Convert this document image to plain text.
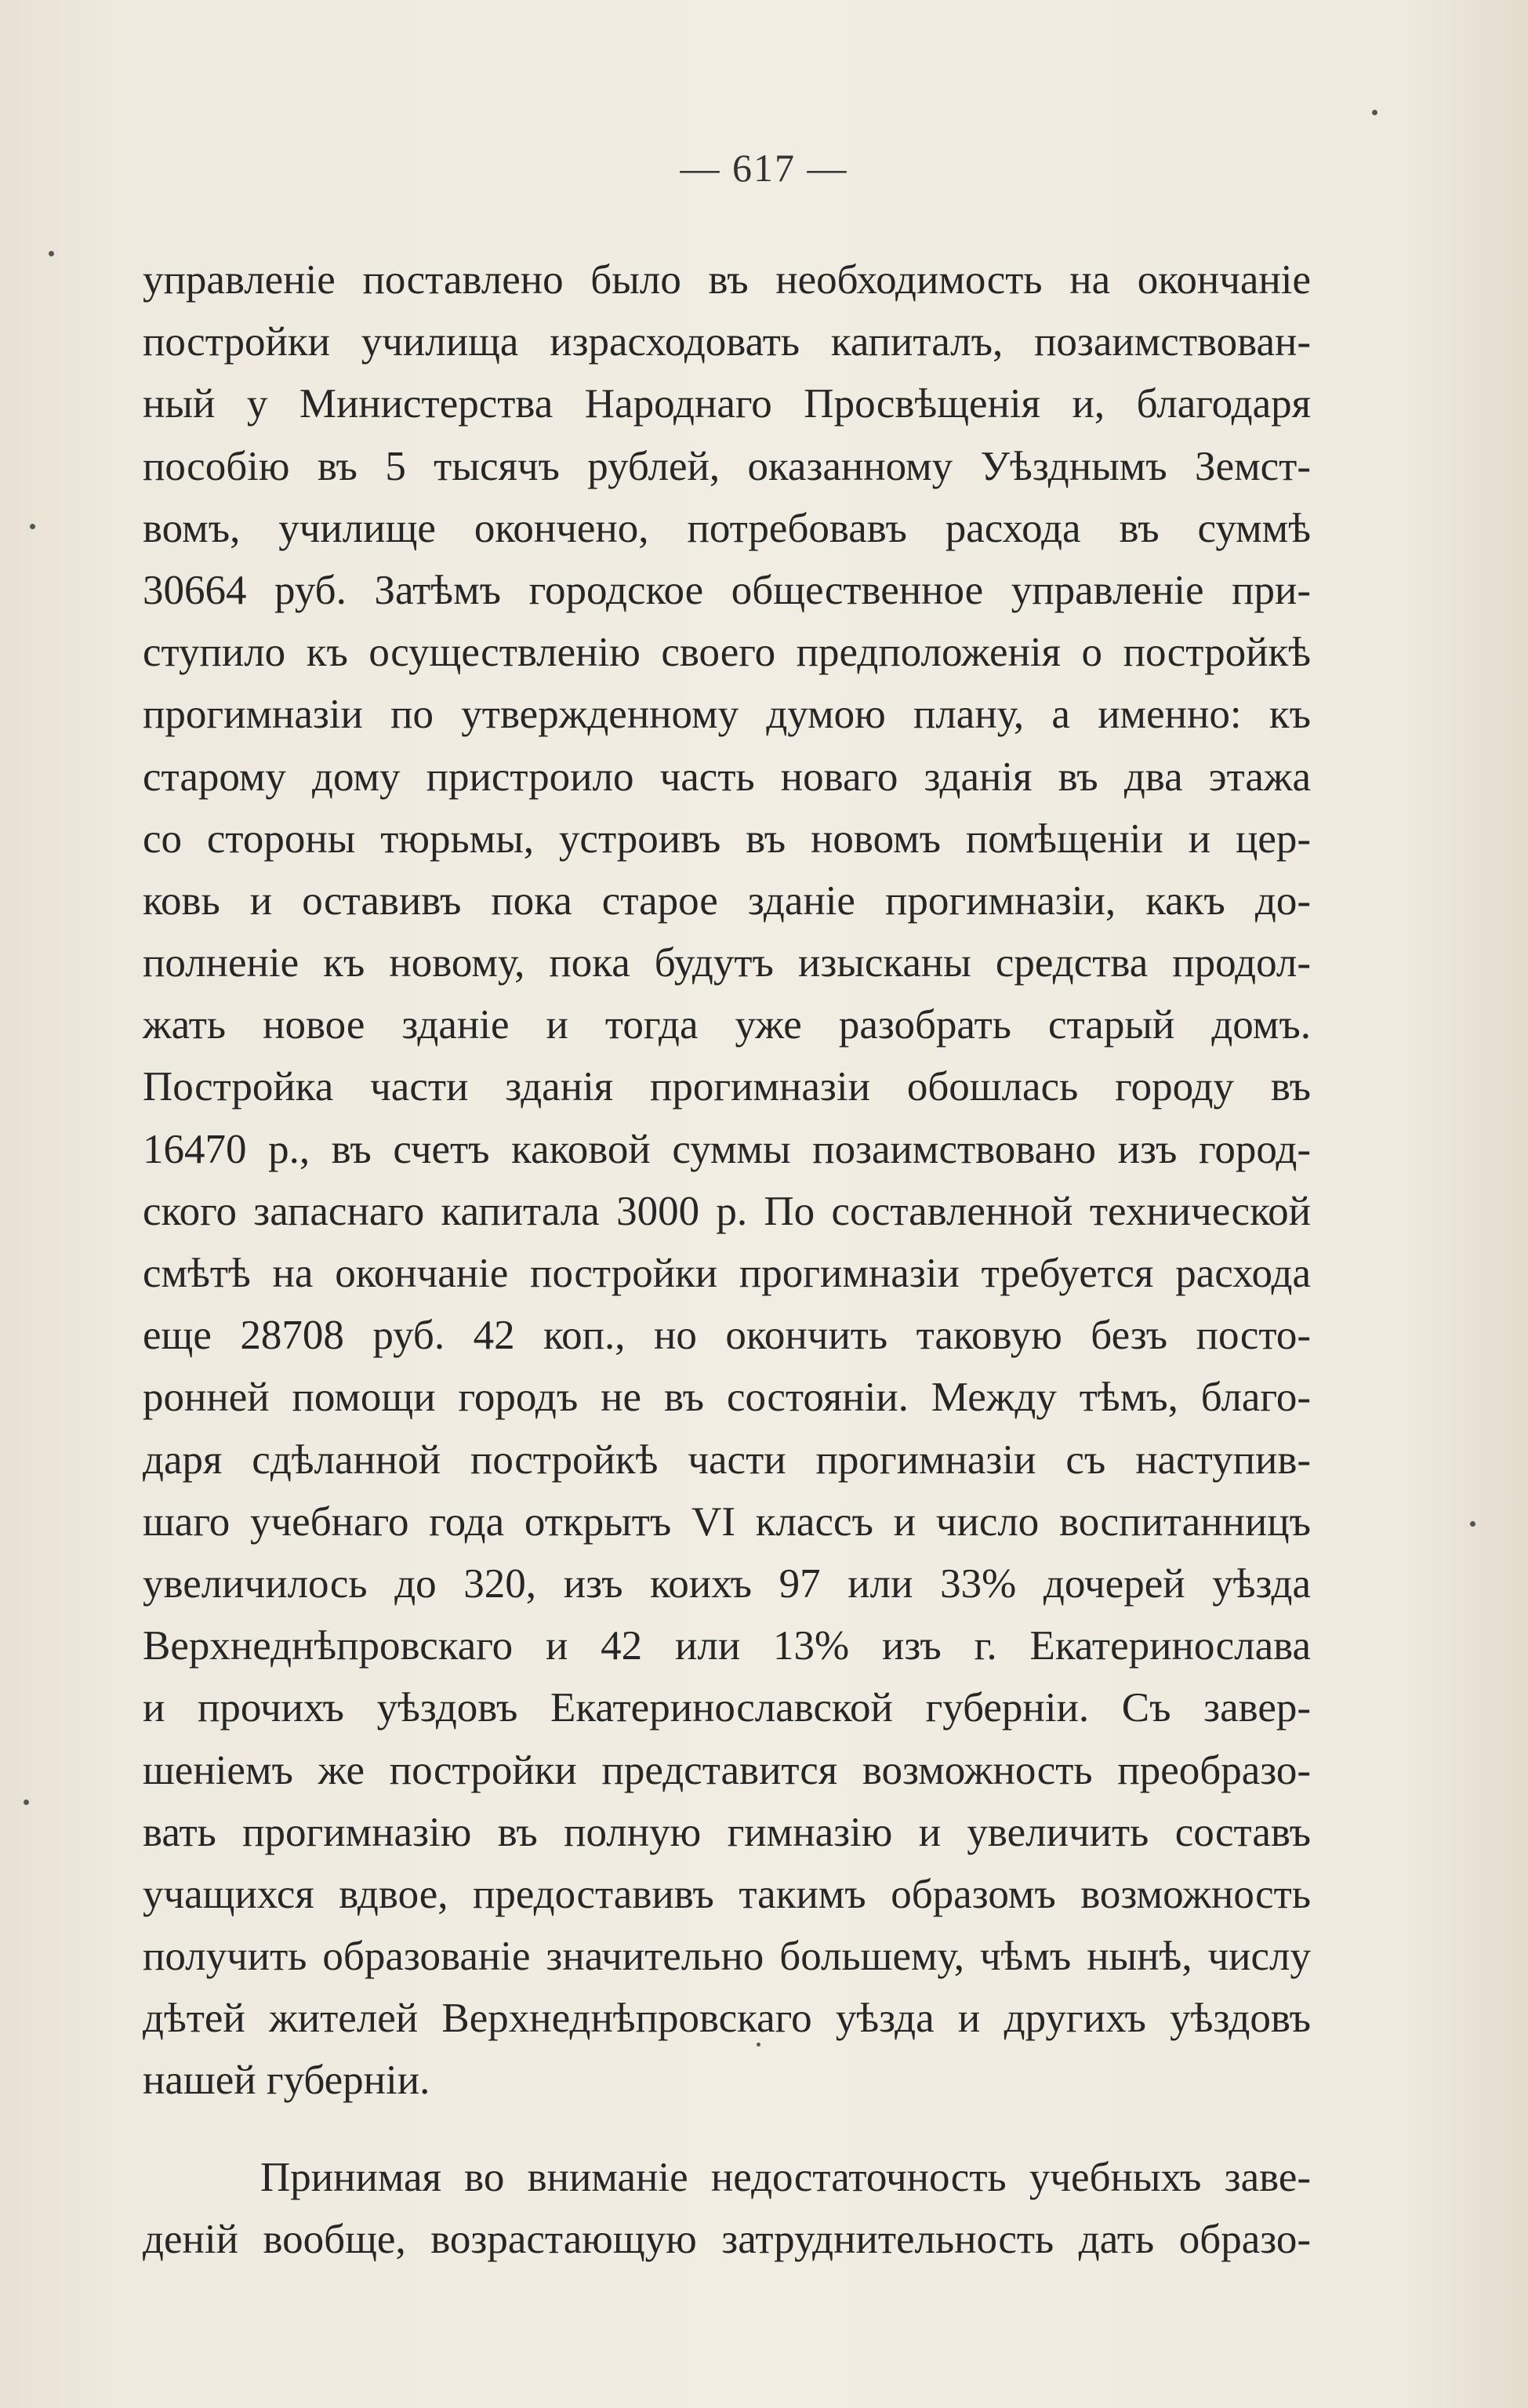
— 617 —
управленіе поставлено было въ необходимость на окончаніе
постройки училища израсходовать капиталъ, позаимствован-
ный у Министерства Народнаго Просвѣщенія и, благодаря
пособію въ 5 тысячъ рублей, оказанному Уѣзднымъ Земст-
вомъ, училище окончено, потребовавъ расхода въ суммѣ
30664 руб. Затѣмъ городское общественное управленіе при-
ступило къ осуществленію своего предположенія о постройкѣ
прогимназіи по утвержденному думою плану, а именно: къ
старому дому пристроило часть новаго зданія въ два этажа
со стороны тюрьмы, устроивъ въ новомъ помѣщеніи и цер-
ковь и оставивъ пока старое зданіе прогимназіи, какъ до-
полненіе къ новому, пока будутъ изысканы средства продол-
жать новое зданіе и тогда уже разобрать старый домъ.
Постройка части зданія прогимназіи обошлась городу въ
16470 р., въ счетъ каковой суммы позаимствовано изъ город-
ского запаснаго капитала 3000 р. По составленной технической
смѣтѣ на окончаніе постройки прогимназіи требуется расхода
еще 28708 руб. 42 коп., но окончить таковую безъ посто-
ронней помощи городъ не въ состояніи. Между тѣмъ, благо-
даря сдѣланной постройкѣ части прогимназіи съ наступив-
шаго учебнаго года открытъ VI классъ и число воспитанницъ
увеличилось до 320, изъ коихъ 97 или 33% дочерей уѣзда
Верхнеднѣпровскаго и 42 или 13% изъ г. Екатеринослава
и прочихъ уѣздовъ Екатеринославской губерніи. Съ завер-
шеніемъ же постройки представится возможность преобразо-
вать прогимназію въ полную гимназію и увеличить составъ
учащихся вдвое, предоставивъ такимъ образомъ возможность
получить образованіе значительно большему, чѣмъ нынѣ, числу
дѣтей жителей Верхнеднѣпровскаго уѣзда и другихъ уѣздовъ
нашей губерніи.
Принимая во вниманіе недостаточность учебныхъ заве-
деній вообще, возрастающую затруднительность дать образо-
